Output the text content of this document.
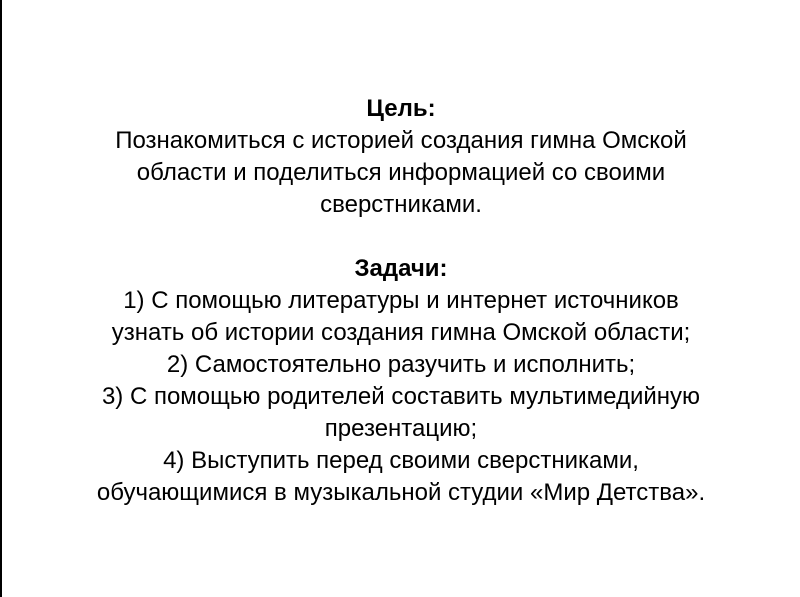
Цель:
Познакомиться с историей создания гимна Омской
области и поделиться информацией со своими
сверстниками.
Задачи:
1) С помощью литературы и интернет источников
узнать об истории создания гимна Омской области;
2) Самостоятельно разучить и исполнить;
3) С помощью родителей составить мультимедийную
презентацию;
4) Выступить перед своими сверстниками,
обучающимися в музыкальной студии «Мир Детства».
